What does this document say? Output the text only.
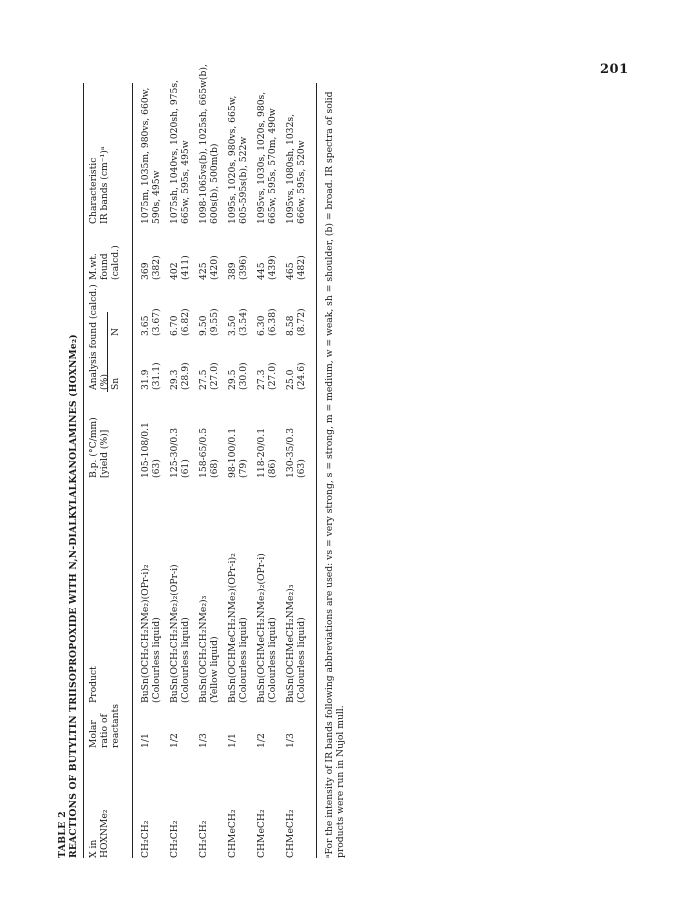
201
TABLE 2 REACTIONS OF BUTYLTIN TRIISOPROPOXIDE WITH N,N-DIALKYLALKANOLAMINES (HOXNMe₂) X in HOXNMe₂
Molar ratio of reactants
Product
B.p. (°C/mm) [yield (%)]
Analysis found (calcd.) (%) Sn
N
M.wt. found (calcd.)
Characteristic IR bands (cm⁻¹)ᵃ
CH₂CH₂
1/1
BuSn(OCH₂CH₂NMe₂)(OPr-i)₂ (Colourless liquid)
105-108/0.1 (63)
31.9 (31.1)
3.65 (3.67)
369 (382)
1075m, 1035m, 980vs, 660w, 590s, 495w
CH₂CH₂
1/2
BuSn(OCH₂CH₂NMe₂)₂(OPr-i) (Colourless liquid)
125-30/0.3 (61)
29.3 (28.9)
6.70 (6.82)
402 (411)
1075sh, 1040vs, 1020sh, 975s, 665w, 595s, 495w
CH₂CH₂
1/3
BuSn(OCH₂CH₂NMe₂)₃ (Yellow liquid)
158-65/0.5 (68)
27.5 (27.0)
9.50 (9.55)
425 (420)
1098-1065vs(b), 1025sh, 665w(b), 600s(b), 500m(b)
CHMeCH₂
1/1
BuSn(OCHMeCH₂NMe₂)(OPr-i)₂ (Colourless liquid)
98-100/0.1 (79)
29.5 (30.0)
3.50 (3.54)
389 (396)
1095s, 1020s, 980vs, 665w, 605-595s(b), 522w
CHMeCH₂
1/2
BuSn(OCHMeCH₂NMe₂)₂(OPr-i) (Colourless liquid)
118-20/0.1 (86)
27.3 (27.0)
6.30 (6.38)
445 (439)
1095vs, 1030s, 1020s, 980s, 665w, 595s, 570m, 490w
CHMeCH₂
1/3
BuSn(OCHMeCH₂NMe₂)₃ (Colourless liquid)
130-35/0.3 (63)
25.0 (24.6)
8.58 (8.72)
465 (482)
1095vs, 1080sh, 1032s, 666w, 595s, 520w ᵃFor the intensity of IR bands following abbreviations are used: vs = very strong, s = strong, m = medium, w = weak, sh = shoulder, (b) = broad. IR spectra of solid products were run in Nujol mull.
